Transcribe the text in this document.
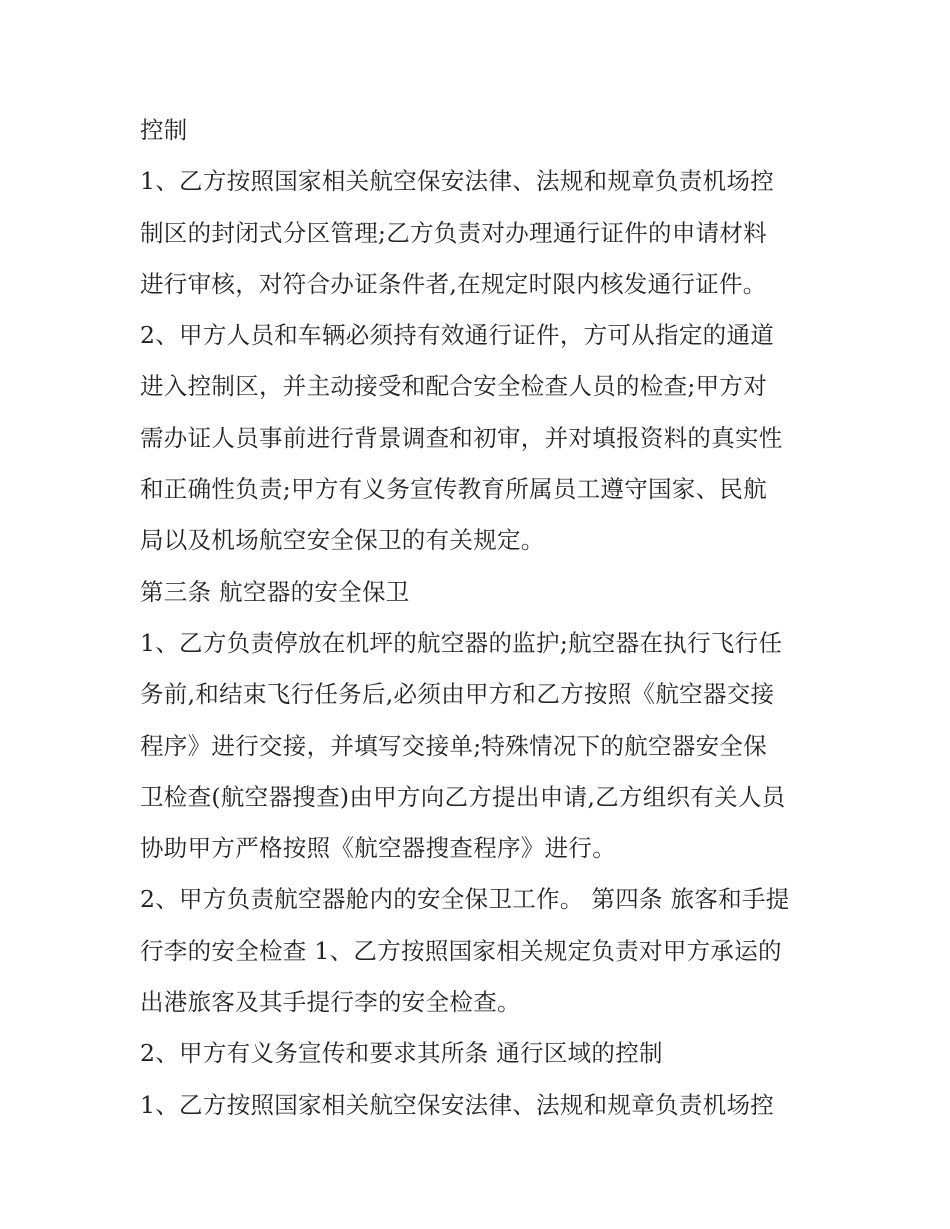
控制
1、乙方按照国家相关航空保安法律、法规和规章负责机场控
制区的封闭式分区管理;乙方负责对办理通行证件的申请材料
进行审核，对符合办证条件者,在规定时限内核发通行证件。
2、甲方人员和车辆必须持有效通行证件，方可从指定的通道
进入控制区，并主动接受和配合安全检查人员的检查;甲方对
需办证人员事前进行背景调查和初审，并对填报资料的真实性
和正确性负责;甲方有义务宣传教育所属员工遵守国家、民航
局以及机场航空安全保卫的有关规定。
第三条 航空器的安全保卫
1、乙方负责停放在机坪的航空器的监护;航空器在执行飞行任
务前,和结束飞行任务后,必须由甲方和乙方按照《航空器交接
程序》进行交接，并填写交接单;特殊情况下的航空器安全保
卫检查(航空器搜查)由甲方向乙方提出申请,乙方组织有关人员
协助甲方严格按照《航空器搜查程序》进行。
2、甲方负责航空器舱内的安全保卫工作。 第四条 旅客和手提
行李的安全检查 1、乙方按照国家相关规定负责对甲方承运的
出港旅客及其手提行李的安全检查。
2、甲方有义务宣传和要求其所条 通行区域的控制
1、乙方按照国家相关航空保安法律、法规和规章负责机场控
